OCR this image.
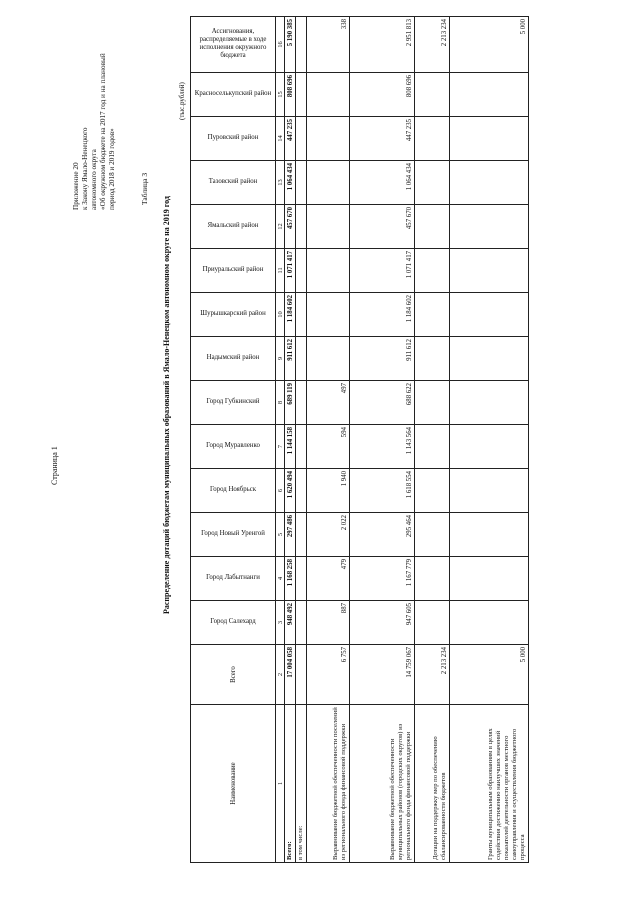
Страница 1
Приложение 20 к Закону Ямало-Ненецкого автономного округа «Об окружном бюджете на 2017 год и на плановый период 2018 и 2019 годов»	Таблица 3
Распределение дотаций бюджетам муниципальных образований в Ямало-Ненецком автономном округе на 2019 год
(тыс.рублей)
Наименование	Всего	Город Салехард	Город Лабытнанги	Город Новый Уренгой	Город Ноябрьск	Город Муравленко	Город Губкинский	Надымский район	Шурышкарский район	Приуральский район	Ямальский район	Тазовский район	Пуровский район	Красноселькупский район	Ассигнования, распределяемые в ходе исполнения окружного бюджета

1	2	3	4	5	6	7	8	9	10	11	12	13	14	15	16
Всего:	17 004 058	948 492	1 168 258	297 486	1 620 494	1 144 158	689 119	911 612	1 184 602	1 071 417	457 670	1 064 434	447 235	808 696	5 190 385
в том числе:															
Выравнивание бюджетной обеспеченности поселений из регионального фонда финансовой поддержки	6 757	887	479	2 022	1 940	594	497								338
Выравнивание бюджетной обеспеченности муниципальных районов (городских округов) из регионального фонда финансовой поддержки	14 759 067	947 605	1 167 779	295 464	1 618 554	1 143 564	688 622	911 612	1 184 602	1 071 417	457 670	1 064 434	447 235	808 696	2 951 813
Дотации на поддержку мер по обеспечению сбалансированности бюджетов	2 213 234														2 213 234
Гранты муниципальным образованиям в целях содействия достижению наилучших значений показателей деятельности органов местного самоуправления и осуществления бюджетного процесса	5 000														5 000
